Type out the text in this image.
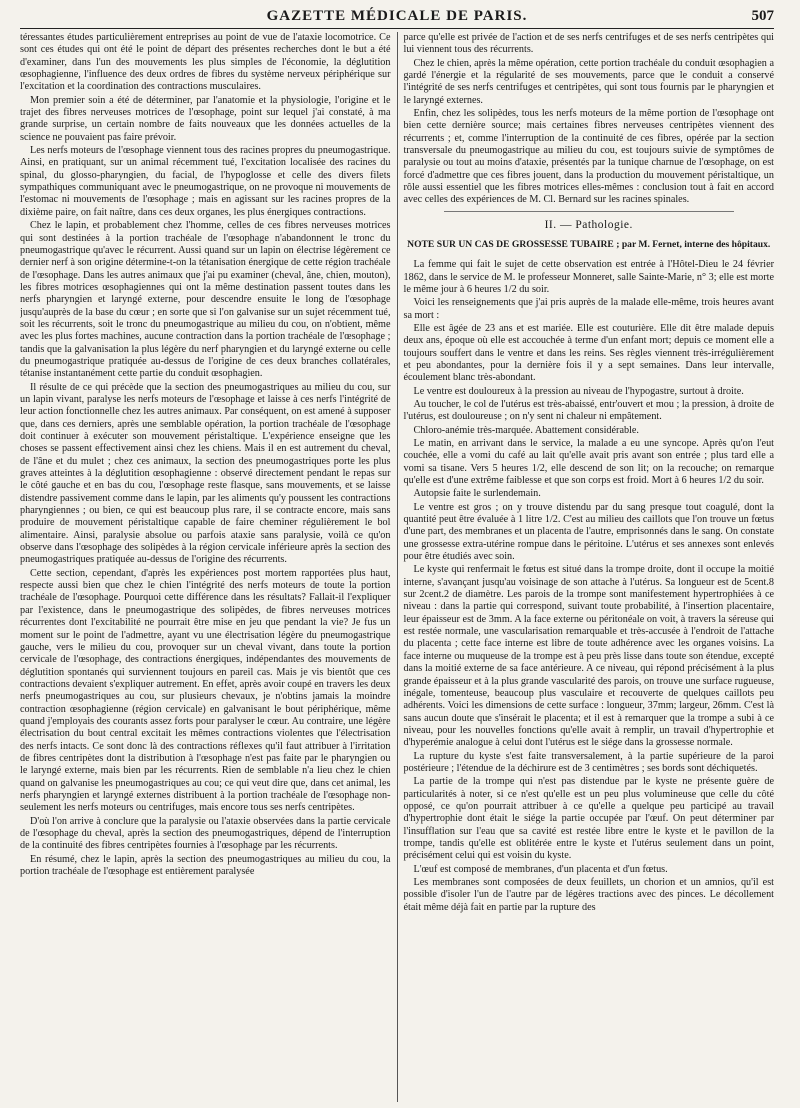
GAZETTE MÉDICALE DE PARIS.	507

téressantes études particulièrement entreprises au point de vue de l'ataxie locomotrice. Ce sont ces études qui ont été le point de départ des présentes recherches dont le but a été d'examiner, dans l'un des mouvements les plus simples de l'économie, la déglutition œsophagienne, l'influence des deux ordres de fibres du système nerveux périphérique sur l'excitation et la coordination des contractions musculaires.

Mon premier soin a été de déterminer, par l'anatomie et la physiologie, l'origine et le trajet des fibres nerveuses motrices de l'œsophage, point sur lequel j'ai constaté, à ma grande surprise, un certain nombre de faits nouveaux que les données actuelles de la science ne pouvaient pas faire prévoir.

Les nerfs moteurs de l'œsophage viennent tous des racines propres du pneumogastrique. Ainsi, en pratiquant, sur un animal récemment tué, l'excitation localisée des racines du spinal, du glosso-pharyngien, du facial, de l'hypoglosse et celle des divers filets sympathiques communiquant avec le pneumogastrique, on ne provoque ni mouvements de l'estomac ni mouvements de l'œsophage ; mais en agissant sur les racines propres de la dixième paire, on fait naître, dans ces deux organes, les plus énergiques contractions.

Chez le lapin, et probablement chez l'homme, celles de ces fibres nerveuses motrices qui sont destinées à la portion trachéale de l'œsophage n'abandonnent le tronc du pneumogastrique qu'avec le récurrent. Aussi quand sur un lapin on électrise légèrement ce dernier nerf à son origine détermine-t-on la tétanisation énergique de cette région trachéale de l'œsophage. Dans les autres animaux que j'ai pu examiner (cheval, âne, chien, mouton), les fibres motrices œsophagiennes qui ont la même destination passent toutes dans les nerfs pharyngien et laryngé externe, pour descendre ensuite le long de l'œsophage jusqu'auprès de la base du cœur ; en sorte que si l'on galvanise sur un sujet récemment tué, soit les récurrents, soit le tronc du pneumogastrique au milieu du cou, on n'obtient, même avec les plus fortes machines, aucune contraction dans la portion trachéale de l'œsophage ; tandis que la galvanisation la plus légère du nerf pharyngien et du laryngé externe ou celle du pneumogastrique pratiquée au-dessus de l'origine de ces deux branches collatérales, tétanise instantanément cette partie du conduit œsophagien.

Il résulte de ce qui précède que la section des pneumogastriques au milieu du cou, sur un lapin vivant, paralyse les nerfs moteurs de l'œsophage et laisse à ces nerfs l'intégrité de leur action fonctionnelle chez les autres animaux. Par conséquent, on est amené à supposer que, dans ces derniers, après une semblable opération, la portion trachéale de l'œsophage doit continuer à exécuter son mouvement péristaltique. L'expérience enseigne que les choses se passent effectivement ainsi chez les chiens. Mais il en est autrement du cheval, de l'âne et du mulet ; chez ces animaux, la section des pneumogastriques porte les plus graves atteintes à la déglutition œsophagienne : observé directement pendant le repas sur le côté gauche et en bas du cou, l'œsophage reste flasque, sans mouvements, et se laisse distendre passivement comme dans le lapin, par les aliments qu'y poussent les contractions pharyngiennes ; ou bien, ce qui est beaucoup plus rare, il se contracte encore, mais sans produire de mouvement péristaltique capable de faire cheminer régulièrement le bol alimentaire. Ainsi, paralysie absolue ou parfois ataxie sans paralysie, voilà ce qu'on observe dans l'œsophage des solipèdes à la région cervicale inférieure après la section des pneumogastriques pratiquée au-dessus de l'origine des récurrents.

Cette section, cependant, d'après les expériences post mortem rapportées plus haut, respecte aussi bien que chez le chien l'intégrité des nerfs moteurs de toute la portion trachéale de l'œsophage. Pourquoi cette différence dans les résultats? Fallait-il l'expliquer par l'existence, dans le pneumogastrique des solipèdes, de fibres nerveuses motrices récurrentes dont l'excitabilité ne pourrait être mise en jeu que pendant la vie? Je fus un moment sur le point de l'admettre, ayant vu une électrisation légère du pneumogastrique gauche, vers le milieu du cou, provoquer sur un cheval vivant, dans toute la portion cervicale de l'œsophage, des contractions énergiques, indépendantes des mouvements de déglutition spontanés qui surviennent toujours en pareil cas. Mais je vis bientôt que ces contractions devaient s'expliquer autrement. En effet, après avoir coupé en travers les deux nerfs pneumogastriques au cou, sur plusieurs chevaux, je n'obtins jamais la moindre contraction œsophagienne (région cervicale) en galvanisant le bout périphérique, même quand j'employais des courants assez forts pour paralyser le cœur. Au contraire, une légère électrisation du bout central excitait les mêmes contractions violentes que l'électrisation des nerfs intacts. Ce sont donc là des contractions réflexes qu'il faut attribuer à l'irritation de fibres centripètes dont la distribution à l'œsophage n'est pas faite par le pharyngien ou le laryngé externe, mais bien par les récurrents. Rien de semblable n'a lieu chez le chien quand on galvanise les pneumogastriques au cou; ce qui veut dire que, dans cet animal, les nerfs pharyngien et laryngé externes distribuent à la portion trachéale de l'œsophage non-seulement les nerfs moteurs ou centrifuges, mais encore tous ses nerfs centripètes.

D'où l'on arrive à conclure que la paralysie ou l'ataxie observées dans la partie cervicale de l'œsophage du cheval, après la section des pneumogastriques, dépend de l'interruption de la continuité des fibres centripètes fournies à l'œsophage par les récurrents.

En résumé, chez le lapin, après la section des pneumogastriques au milieu du cou, la portion trachéale de l'œsophage est entièrement paralysée

parce qu'elle est privée de l'action et de ses nerfs centrifuges et de ses nerfs centripètes qui lui viennent tous des récurrents.

Chez le chien, après la même opération, cette portion trachéale du conduit œsophagien a gardé l'énergie et la régularité de ses mouvements, parce que le conduit a conservé l'intégrité de ses nerfs centrifuges et centripètes, qui sont tous fournis par le pharyngien et le laryngé externes.

Enfin, chez les solipèdes, tous les nerfs moteurs de la même portion de l'œsophage ont bien cette dernière source; mais certaines fibres nerveuses centripètes viennent des récurrents ; et, comme l'interruption de la continuité de ces fibres, opérée par la section transversale du pneumogastrique au milieu du cou, est toujours suivie de symptômes de paralysie ou tout au moins d'ataxie, présentés par la tunique charnue de l'œsophage, on est forcé d'admettre que ces fibres jouent, dans la production du mouvement péristaltique, un rôle aussi essentiel que les fibres motrices elles-mêmes : conclusion tout à fait en accord avec celles des expériences de M. Cl. Bernard sur les racines spinales.

II. — Pathologie.
NOTE SUR UN CAS DE GROSSESSE TUBAIRE ; par M. Fernet, interne des hôpitaux.

La femme qui fait le sujet de cette observation est entrée à l'Hôtel-Dieu le 24 février 1862, dans le service de M. le professeur Monneret, salle Sainte-Marie, n° 3; elle est morte le même jour à 6 heures 1/2 du soir.

Voici les renseignements que j'ai pris auprès de la malade elle-même, trois heures avant sa mort :

Elle est âgée de 23 ans et est mariée. Elle est couturière. Elle dit être malade depuis deux ans, époque où elle est accouchée à terme d'un enfant mort; depuis ce moment elle a toujours souffert dans le ventre et dans les reins. Ses règles viennent très-irrégulièrement et peu abondantes, pour la dernière fois il y a sept semaines. Dans leur intervalle, écoulement blanc très-abondant.

Le ventre est douloureux à la pression au niveau de l'hypogastre, surtout à droite.

Au toucher, le col de l'utérus est très-abaissé, entr'ouvert et mou ; la pression, à droite de l'utérus, est douloureuse ; on n'y sent ni chaleur ni empâtement.

Chloro-anémie très-marquée. Abattement considérable.

Le matin, en arrivant dans le service, la malade a eu une syncope. Après qu'on l'eut couchée, elle a vomi du café au lait qu'elle avait pris avant son entrée ; plus tard elle a vomi sa tisane. Vers 5 heures 1/2, elle descend de son lit; on la recouche; on remarque qu'elle est d'une extrême faiblesse et que son corps est froid. Mort à 6 heures 1/2 du soir.

Autopsie faite le surlendemain.

Le ventre est gros ; on y trouve distendu par du sang presque tout coagulé, dont la quantité peut être évaluée à 1 litre 1/2. C'est au milieu des caillots que l'on trouve un fœtus d'une part, des membranes et un placenta de l'autre, emprisonnés dans le sang. On constate une grossesse extra-utérine rompue dans le péritoine. L'utérus et ses annexes sont enlevés pour être étudiés avec soin.

Le kyste qui renfermait le fœtus est situé dans la trompe droite, dont il occupe la moitié interne, s'avançant jusqu'au voisinage de son attache à l'utérus. Sa longueur est de 5cent.8 sur 2cent.2 de diamètre. Les parois de la trompe sont manifestement hypertrophiées à ce niveau : dans la partie qui correspond, suivant toute probabilité, à l'insertion placentaire, leur épaisseur est de 3mm. A la face externe ou péritonéale on voit, à travers la séreuse qui est restée normale, une vascularisation remarquable et très-accusée à l'endroit de l'attache du placenta ; cette face interne est libre de toute adhérence avec les organes voisins. La face interne ou muqueuse de la trompe est à peu près lisse dans toute son étendue, excepté dans la moitié externe de sa face antérieure. A ce niveau, qui répond précisément à la plus grande épaisseur et à la plus grande vascularité des parois, on trouve une surface rugueuse, inégale, tomenteuse, beaucoup plus vasculaire et recouverte de quelques caillots peu adhérents. Voici les dimensions de cette surface : longueur, 37mm; largeur, 26mm. C'est là sans aucun doute que s'insérait le placenta; et il est à remarquer que la trompe a subi à ce niveau, pour les nouvelles fonctions qu'elle avait à remplir, un travail d'hypertrophie et d'hyperémie analogue à celui dont l'utérus est le siége dans la grossesse normale.

La rupture du kyste s'est faite transversalement, à la partie supérieure de la paroi postérieure ; l'étendue de la déchirure est de 3 centimètres ; ses bords sont déchiquetés.

La partie de la trompe qui n'est pas distendue par le kyste ne présente guère de particularités à noter, si ce n'est qu'elle est un peu plus volumineuse que celle du côté opposé, ce qu'on pourrait attribuer à ce qu'elle a quelque peu participé au travail d'hypertrophie dont était le siége la partie occupée par l'œuf. On peut déterminer par l'insufflation sur l'eau que sa cavité est restée libre entre le kyste et le pavillon de la trompe, tandis qu'elle est oblitérée entre le kyste et l'utérus seulement dans un point, précisément celui qui est voisin du kyste.

L'œuf est composé de membranes, d'un placenta et d'un fœtus.

Les membranes sont composées de deux feuillets, un chorion et un amnios, qu'il est possible d'isoler l'un de l'autre par de légères tractions avec des pinces. Le décollement était même déjà fait en partie par la rupture des
